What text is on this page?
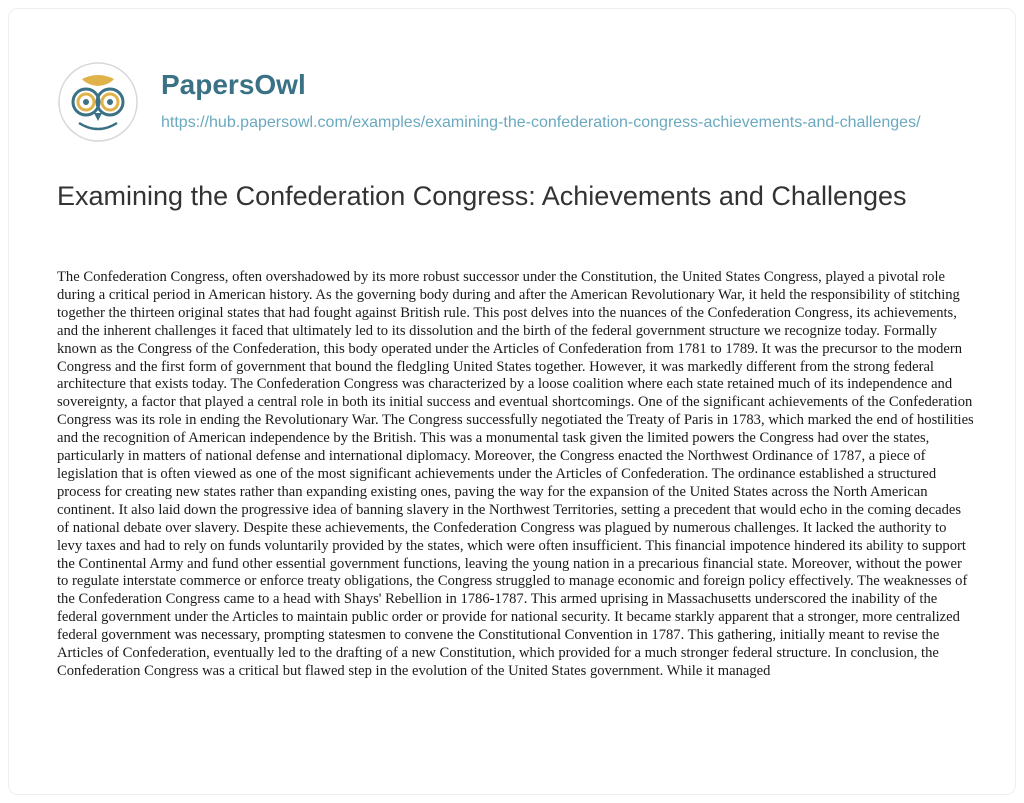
PapersOwl
https://hub.papersowl.com/examples/examining-the-confederation-congress-achievements-and-challenges/
Examining the Confederation Congress: Achievements and Challenges

The Confederation Congress, often overshadowed by its more robust successor under the Constitution, the United States Congress, played a pivotal role during a critical period in American history. As the governing body during and after the American Revolutionary War, it held the responsibility of stitching together the thirteen original states that had fought against British rule. This post delves into the nuances of the Confederation Congress, its achievements, and the inherent challenges it faced that ultimately led to its dissolution and the birth of the federal government structure we recognize today. Formally known as the Congress of the Confederation, this body operated under the Articles of Confederation from 1781 to 1789. It was the precursor to the modern Congress and the first form of government that bound the fledgling United States together. However, it was markedly different from the strong federal architecture that exists today. The Confederation Congress was characterized by a loose coalition where each state retained much of its independence and sovereignty, a factor that played a central role in both its initial success and eventual shortcomings. One of the significant achievements of the Confederation Congress was its role in ending the Revolutionary War. The Congress successfully negotiated the Treaty of Paris in 1783, which marked the end of hostilities and the recognition of American independence by the British. This was a monumental task given the limited powers the Congress had over the states, particularly in matters of national defense and international diplomacy. Moreover, the Congress enacted the Northwest Ordinance of 1787, a piece of legislation that is often viewed as one of the most significant achievements under the Articles of Confederation. The ordinance established a structured process for creating new states rather than expanding existing ones, paving the way for the expansion of the United States across the North American continent. It also laid down the progressive idea of banning slavery in the Northwest Territories, setting a precedent that would echo in the coming decades of national debate over slavery. Despite these achievements, the Confederation Congress was plagued by numerous challenges. It lacked the authority to levy taxes and had to rely on funds voluntarily provided by the states, which were often insufficient. This financial impotence hindered its ability to support the Continental Army and fund other essential government functions, leaving the young nation in a precarious financial state. Moreover, without the power to regulate interstate commerce or enforce treaty obligations, the Congress struggled to manage economic and foreign policy effectively. The weaknesses of the Confederation Congress came to a head with Shays' Rebellion in 1786-1787. This armed uprising in Massachusetts underscored the inability of the federal government under the Articles to maintain public order or provide for national security. It became starkly apparent that a stronger, more centralized federal government was necessary, prompting statesmen to convene the Constitutional Convention in 1787. This gathering, initially meant to revise the Articles of Confederation, eventually led to the drafting of a new Constitution, which provided for a much stronger federal structure. In conclusion, the Confederation Congress was a critical but flawed step in the evolution of the United States government. While it managed
